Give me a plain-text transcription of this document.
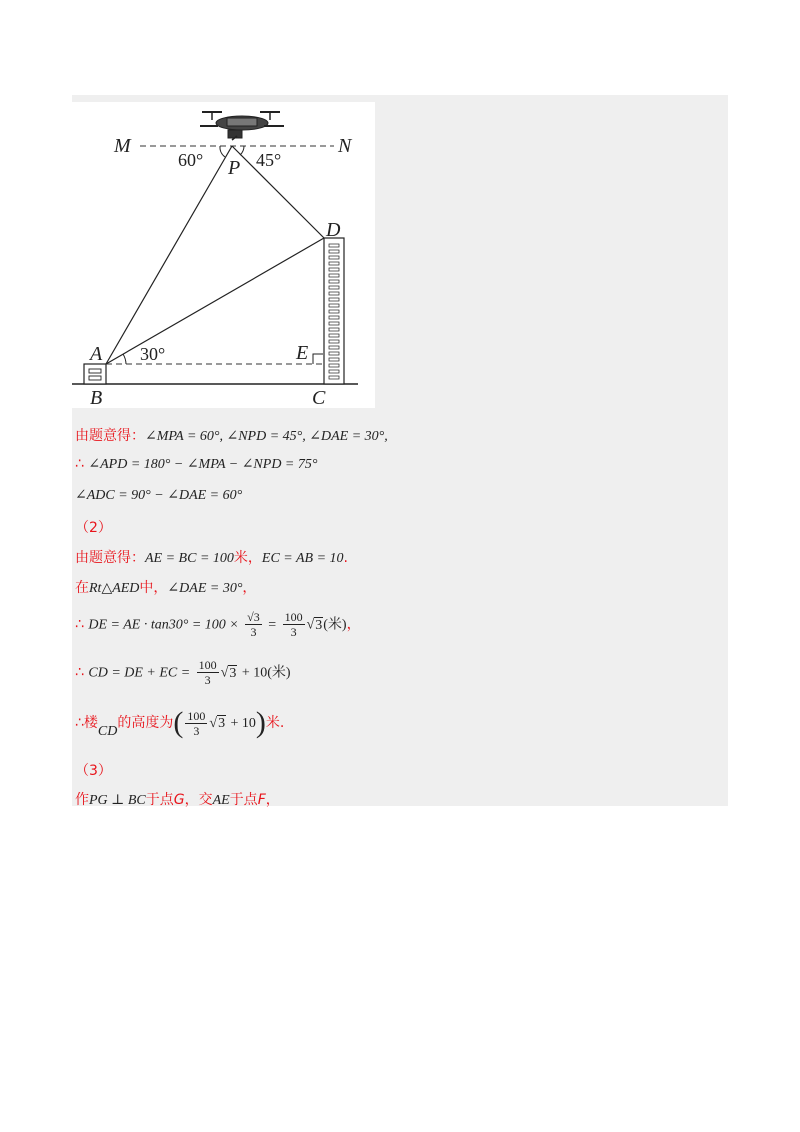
M	N
P
D
A	E
B	C
60°	45°
30°
由题意得：∠MPA = 60°, ∠NPD = 45°, ∠DAE = 30°,
∴ ∠APD = 180° − ∠MPA − ∠NPD = 75°
∠ADC = 90° − ∠DAE = 60°
（2）
由题意得：AE = BC = 100米，EC = AB = 10.
在Rt△AED中，∠DAE = 30°，
∴ DE = AE · $\tan 30^\circ = 100 \times \frac{√3}{3} = \frac{100}{3} √3$(米)，
∴ CD = DE + EC = $\frac{100}{3} √3 + 10$(米)
∴楼CD的高度为( $\frac{100}{3} √3 + 10$)米.
（3）
作PG ⊥ BC于点G，交AE于点F，
